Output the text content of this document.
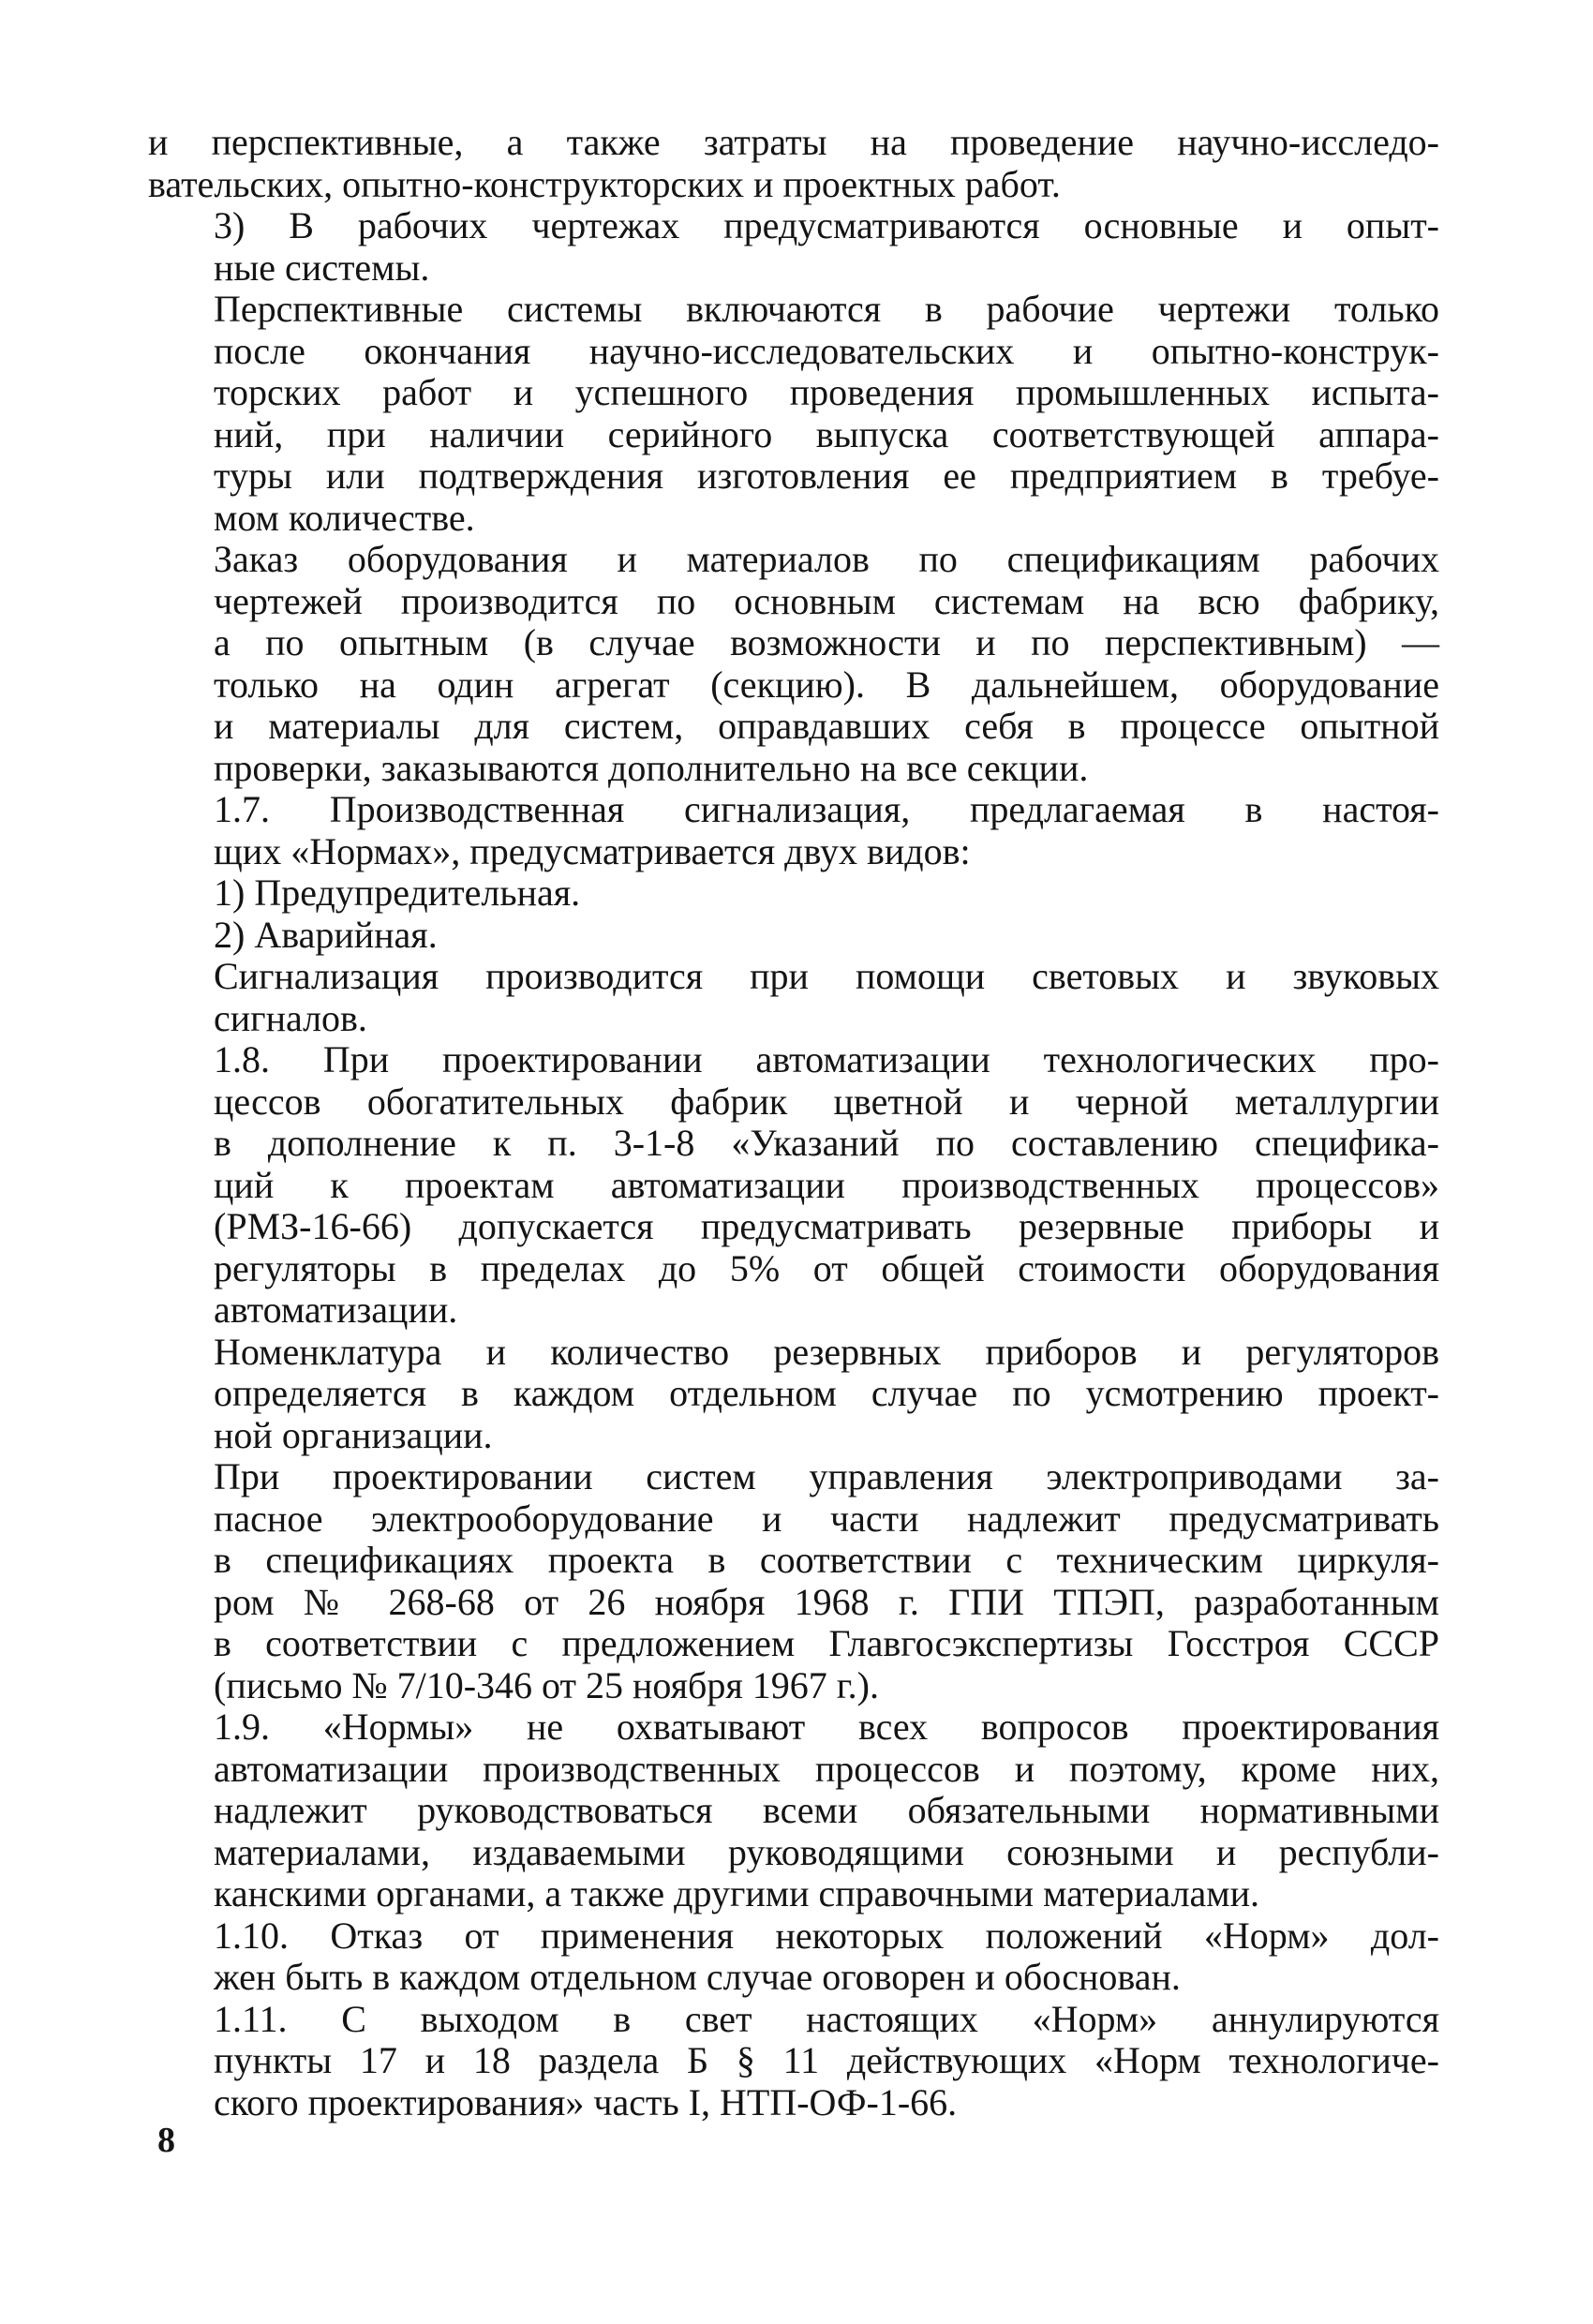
и перспективные, а также затраты на проведение научно-исследо-
вательских, опытно-конструкторских и проектных работ.

3) В рабочих чертежах предусматриваются основные и опыт-
ные системы.

Перспективные системы включаются в рабочие чертежи только
после окончания научно-исследовательских и опытно-конструк-
торских работ и успешного проведения промышленных испыта-
ний, при наличии серийного выпуска соответствующей аппара-
туры или подтверждения изготовления ее предприятием в требуе-
мом количестве.

Заказ оборудования и материалов по спецификациям рабочих
чертежей производится по основным системам на всю фабрику,
а по опытным (в случае возможности и по перспективным) —
только на один агрегат (секцию). В дальнейшем, оборудование
и материалы для систем, оправдавших себя в процессе опытной
проверки, заказываются дополнительно на все секции.

1.7. Производственная сигнализация, предлагаемая в настоя-
щих «Нормах», предусматривается двух видов:

1) Предупредительная.

2) Аварийная.

Сигнализация производится при помощи световых и звуковых
сигналов.

1.8. При проектировании автоматизации технологических про-
цессов обогатительных фабрик цветной и черной металлургии
в дополнение к п. 3-1-8 «Указаний по составлению специфика-
ций к проектам автоматизации производственных процессов»
(РМЗ-16-66) допускается предусматривать резервные приборы и
регуляторы в пределах до 5% от общей стоимости оборудования
автоматизации.

Номенклатура и количество резервных приборов и регуляторов
определяется в каждом отдельном случае по усмотрению проект-
ной организации.

При проектировании систем управления электроприводами за-
пасное электрооборудование и части надлежит предусматривать
в спецификациях проекта в соответствии с техническим циркуля-
ром № 268-68 от 26 ноября 1968 г. ГПИ ТПЭП, разработанным
в соответствии с предложением Главгосэкспертизы Госстроя СССР
(письмо № 7/10-346 от 25 ноября 1967 г.).

1.9. «Нормы» не охватывают всех вопросов проектирования
автоматизации производственных процессов и поэтому, кроме них,
надлежит руководствоваться всеми обязательными нормативными
материалами, издаваемыми руководящими союзными и республи-
канскими органами, а также другими справочными материалами.

1.10. Отказ от применения некоторых положений «Норм» дол-
жен быть в каждом отдельном случае оговорен и обоснован.

1.11. С выходом в свет настоящих «Норм» аннулируются
пункты 17 и 18 раздела Б § 11 действующих «Норм технологиче-
ского проектирования» часть I, НТП-ОФ-1-66.

8
